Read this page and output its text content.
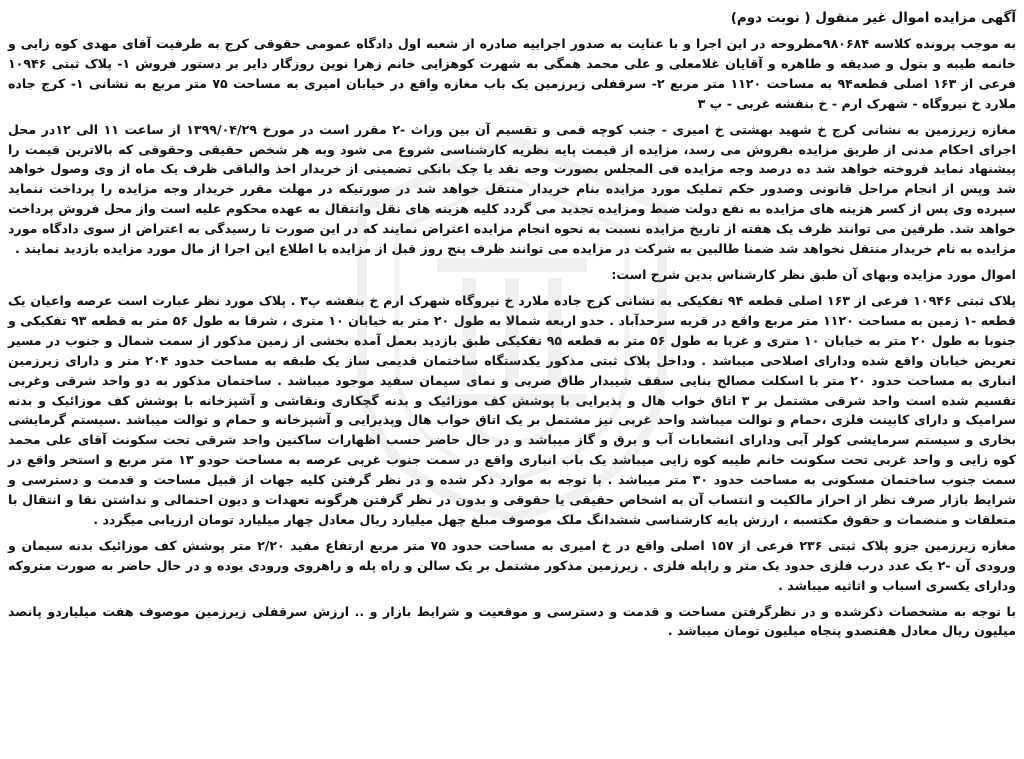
آگهی مزایده اموال غیر منقول ( نوبت دوم)

به موجب پرونده کلاسه ۹۸۰۶۸۴مطروحه در این اجرا و با عنایت به صدور اجراییه صادره از شعبه اول دادگاه عمومی حقوقی کرج به طرفیت آقای مهدی کوه زایی و خانمه طیبه و بتول و صدیقه و طاهره و آقایان غلامعلی و علی محمد همگی به شهرت کوهزایی خانم زهرا نوین روزگار دایر بر دستور فروش ۱- پلاک ثبتی ۱۰۹۴۶ فرعی از ۱۶۳ اصلی قطعه۹۴ به مساحت ۱۱۲۰ متر مربع ۲- سرقفلی زیرزمین یک باب مغازه واقع در خیابان امیری به مساحت ۷۵ متر مربع به نشانی ۱- کرج جاده ملارد خ نیروگاه - شهرک ارم - خ بنفشه غربی - پ ۳

مغازه زیرزمین به نشانی کرج خ شهید بهشتی خ امیری - جنب کوچه قمی و تقسیم آن بین وراث -۲ مقرر است در مورخ ۱۳۹۹/۰۴/۲۹ از ساعت ۱۱ الی ۱۲در محل اجرای احکام مدنی از طریق مزایده بفروش می رسد، مزایده از قیمت پایه نظریه کارشناسی شروع می شود وبه هر شخص حقیقی وحقوقی که بالاترین قیمت را پیشنهاد نماید فروخته خواهد شد ده درصد وجه مزایده فی المجلس بصورت وجه نقد یا چک بانکی تضمینی از خریدار اخذ والباقی ظرف یک ماه از وی وصول خواهد شد وپس از انجام مراحل قانونی وصدور حکم تملیک مورد مزایده بنام خریدار منتقل خواهد شد در صورتیکه در مهلت مقرر خریدار وجه مزایده را پرداخت ننماید سپرده وی پس از کسر هزینه های مزایده به نفع دولت ضبط ومزایده تجدید می گردد کلیه هزینه های نقل وانتقال به عهده محکوم علیه است واز محل فروش پرداخت خواهد شد. طرفین می توانند ظرف یک هفته از تاریخ مزایده نسبت به نحوه انجام مزایده اعتراض نمایند که در این صورت تا رسیدگی به اعتراض از سوی دادگاه مورد مزایده به نام خریدار منتقل نخواهد شد ضمنا طالبین به شرکت در مزایده می توانند ظرف پنج روز قبل از مزایده با اطلاع این اجرا از مال مورد مزایده بازدید نمایند .

اموال مورد مزایده وبهای آن طبق نظر کارشناس بدین شرح است:

پلاک ثبتی ۱۰۹۴۶ فرعی از ۱۶۳ اصلی قطعه ۹۴ تفکیکی به نشانی کرج جاده ملارد خ نیروگاه شهرک ارم خ بنفشه پ۳ . پلاک مورد نظر عبارت است عرصه واعیان یک قطعه -۱ زمین به مساحت ۱۱۲۰ متر مربع واقع در قریه سرحدآباد . حدو اربعه شمالا به طول ۲۰ متر به خیابان ۱۰ متری ، شرقا به طول ۵۶ متر به قطعه ۹۳ تفکیکی و جنوبا به طول ۲۰ متر به خیابان ۱۰ متری و غربا به طول ۵۶ متر به قطعه ۹۵ تفکیکی طبق بازدید بعمل آمده بخشی از زمین مذکور از سمت شمال و جنوب در مسیر تعریض خیابان واقع شده ودارای اصلاحی میباشد . وداخل پلاک ثبتی مذکور یکدستگاه ساختمان قدیمی ساز یک طبقه به مساحت حدود ۲۰۴ متر و دارای زیرزمین انباری به مساحت حدود ۲۰ متر با اسکلت مصالح بنایی سقف شیبدار طاق ضربی و نمای سیمان سفید موجود میباشد . ساختمان مذکور به دو واحد شرقی وغربی تقسیم شده است واحد شرقی مشتمل بر ۳ اتاق خواب هال و پذیرایی با پوشش کف موزائیک و بدنه گچکاری ونقاشی و آشپزخانه با پوشش کف موزائیک و بدنه سرامیک و دارای کابینت فلزی ،حمام و توالت میباشد واحد غربی نیز مشتمل بر یک اتاق خواب هال وپذیرایی و آشپزخانه و حمام و توالت میباشد .سیستم گرمایشی بخاری و سیستم سرمایشی کولر آبی ودارای انشعابات آب و برق و گاز میباشد و در حال حاضر حسب اظهارات ساکنین واحد شرقی تحت سکونت آقای علی محمد کوه زایی و واحد غربی تحت سکونت خانم طیبه کوه زایی میباشد یک باب انباری واقع در سمت جنوب غربی عرصه به مساحت حودو ۱۳ متر مربع و استخر واقع در سمت جنوب ساختمان مسکونی به مساحت حدود ۳۰ متر میباشد . با توجه به موارد ذکر شده و در نظر گرفتن کلیه جهات از قبیل مساحت و قدمت و دسترسی و شرایط بازار صرف نظر از احراز مالکیت و انتساب آن به اشخاص حقیقی یا حقوقی و بدون در نظر گرفتن هرگونه تعهدات و دیون احتمالی و نداشتن نقا و انتقال با متعلقات و منضمات و حقوق مکتسبه ، ارزش پایه کارشناسی ششدانگ ملک موصوف مبلغ چهل میلیارد ریال معادل چهار میلیارد تومان ارزیابی میگردد .

مغازه زیرزمین جزو پلاک ثبتی ۲۳۶ فرعی از ۱۵۷ اصلی واقع در خ امیری به مساحت حدود ۷۵ متر مربع ارتفاع مفید ۲/۲۰ متر پوشش کف موزائیک بدنه سیمان و ورودی آن -۲ یک عدد درب فلزی حدود یک متر و راپله فلزی . زیرزمین مذکور مشتمل بر یک سالن و راه پله و راهروی ورودی بوده و در حال حاضر به صورت متروکه ودارای یکسری اسباب و اثاثیه میباشد .

با توجه به مشخصات ذکرشده و در نظرگرفتن مساحت و قدمت و دسترسی و موقعیت و شرایط بازار و .. ارزش سرقفلی زیرزمین موصوف هفت میلیاردو پانصد میلیون ریال معادل هفتصدو پنجاه میلیون تومان میباشد .
